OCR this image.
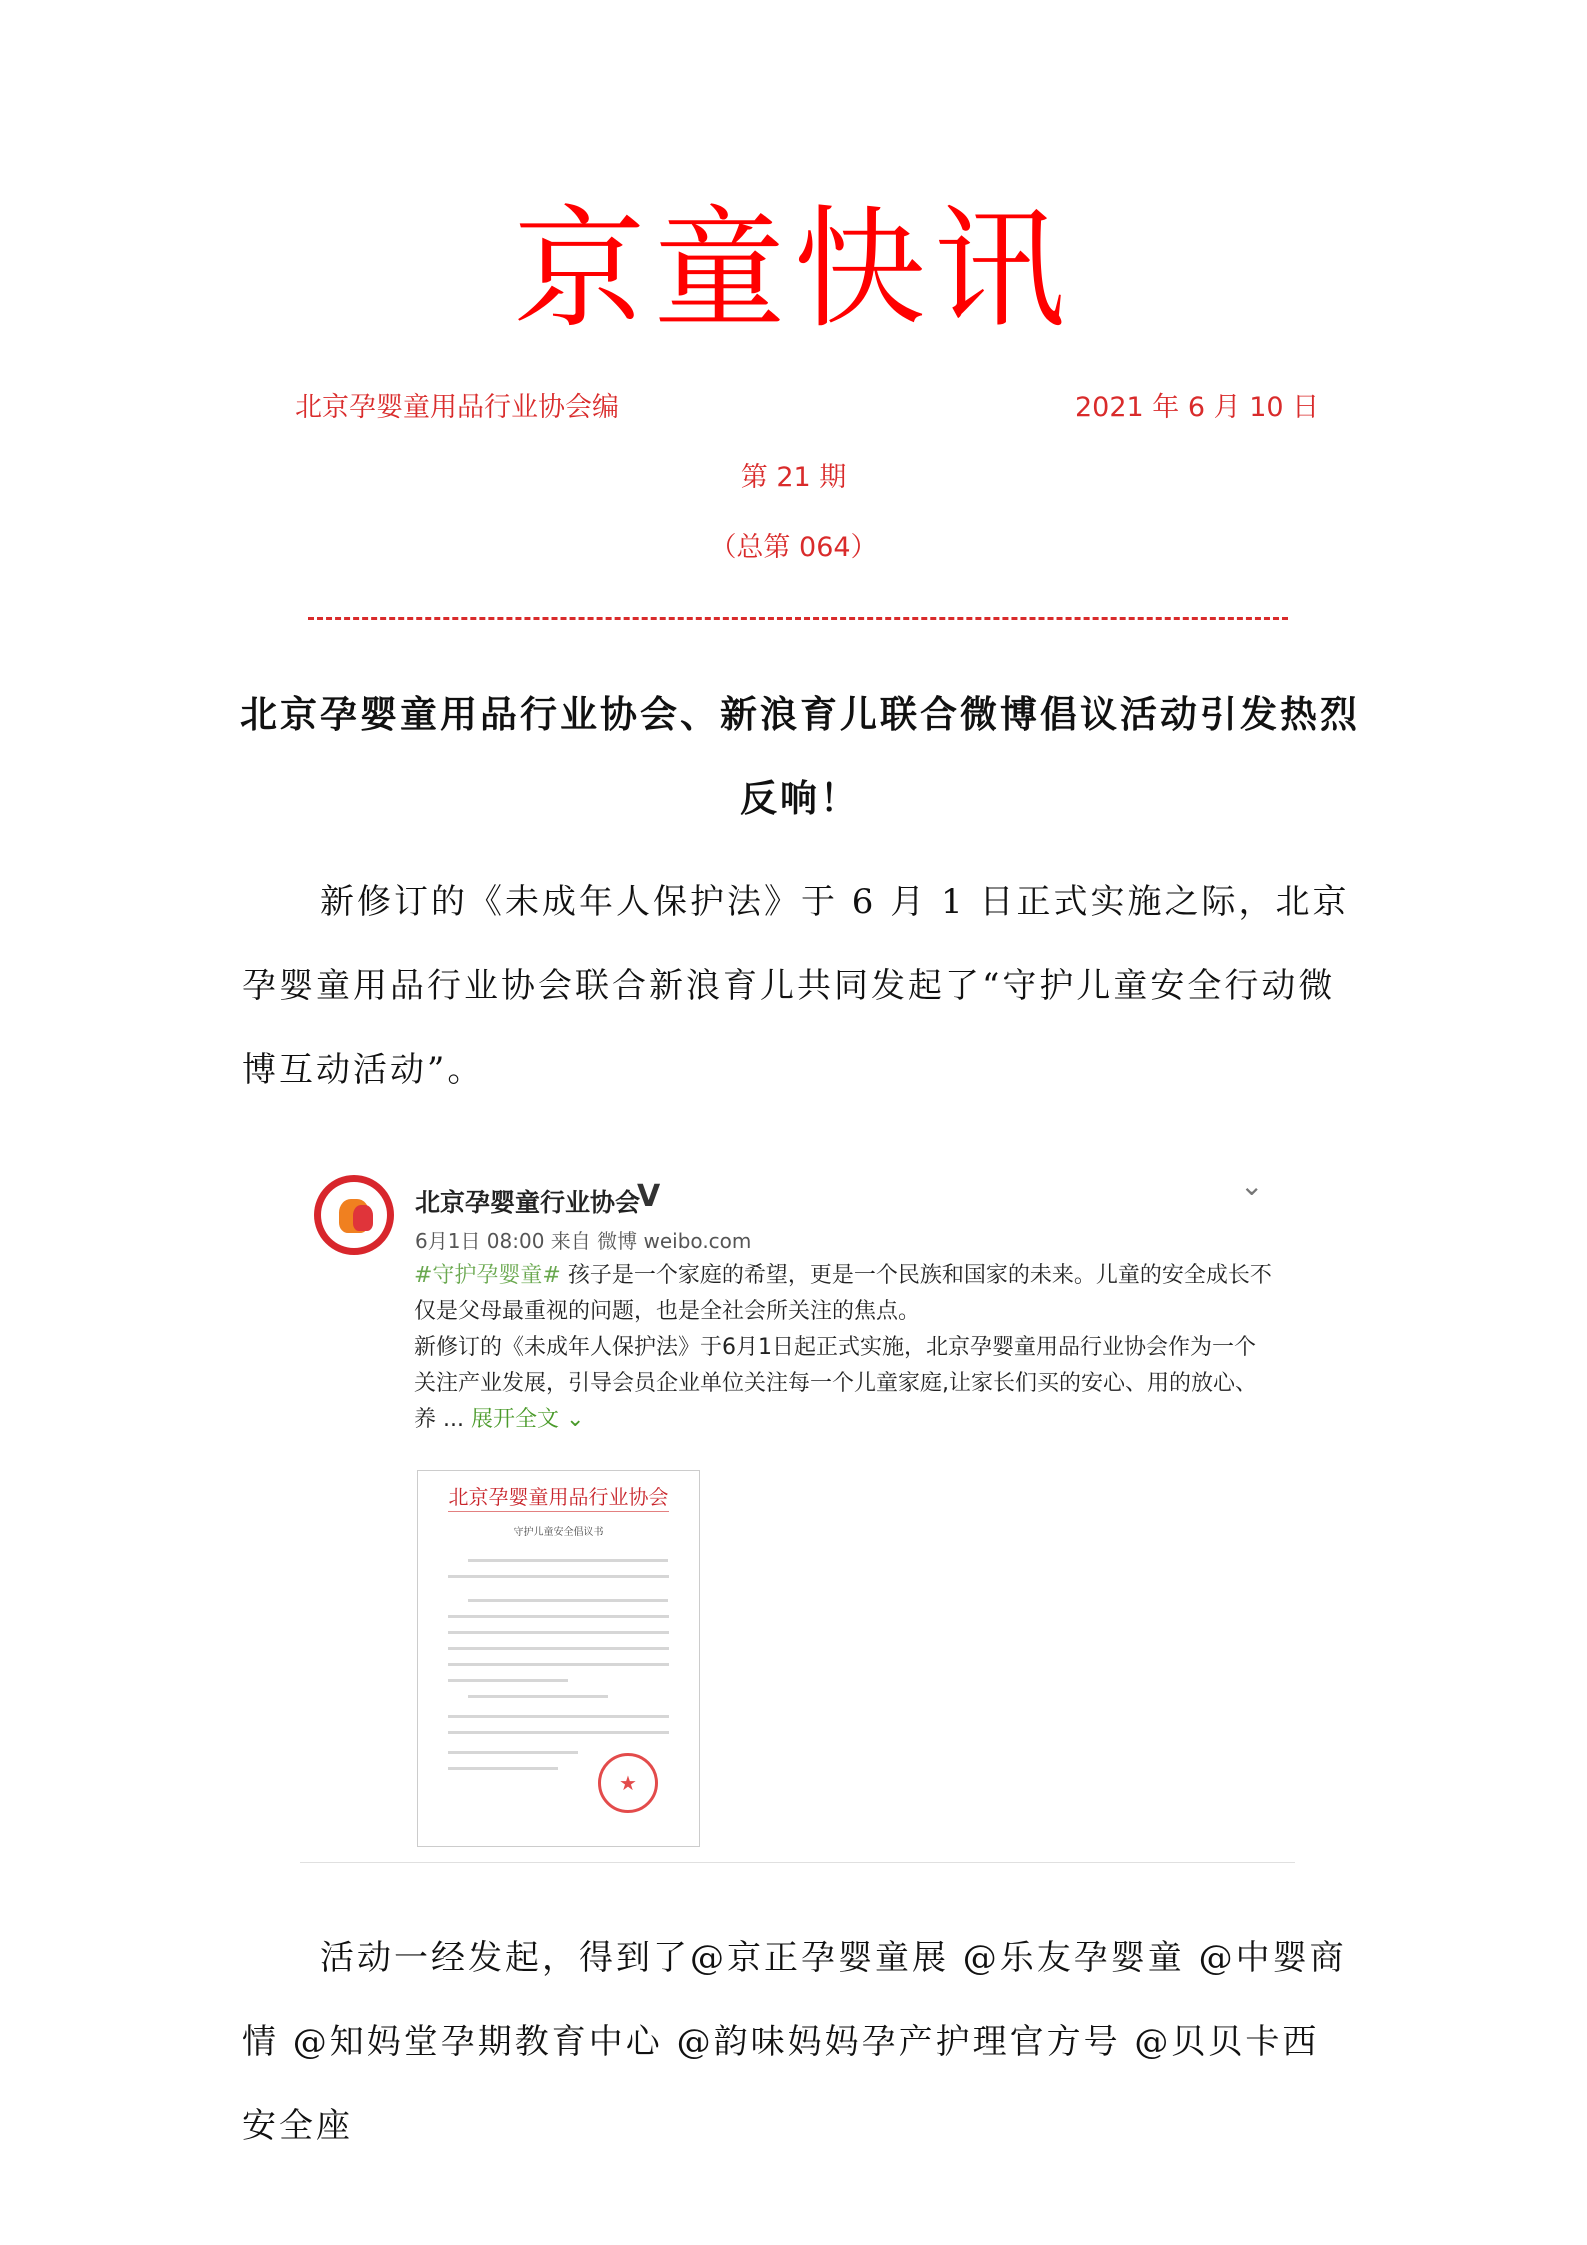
京童快讯
北京孕婴童用品行业协会编	2021 年 6 月 10 日
第 21 期
（总第 064）
北京孕婴童用品行业协会、新浪育儿联合微博倡议活动引发热烈反响！
新修订的《未成年人保护法》于 6 月 1 日正式实施之际，北京孕婴童用品行业协会联合新浪育儿共同发起了“守护儿童安全行动微博互动活动”。
北京孕婴童行业协会
V	⌄
6月1日 08:00 来自 微博 weibo.com

#守护孕婴童# 孩子是一个家庭的希望，更是一个民族和国家的未来。儿童的安全成长不仅是父母最重视的问题，也是全社会所关注的焦点。

新修订的《未成年人保护法》于6月1日起正式实施，北京孕婴童用品行业协会作为一个关注产业发展，引导会员企业单位关注每一个儿童家庭,让家长们买的安心、用的放心、养 ... 展开全文 ⌄

北京孕婴童用品行业协会
守护儿童安全倡议书
★
活动一经发起，得到了@京正孕婴童展 @乐友孕婴童 @中婴商情 @知妈堂孕期教育中心 @韵味妈妈孕产护理官方号 @贝贝卡西安全座
